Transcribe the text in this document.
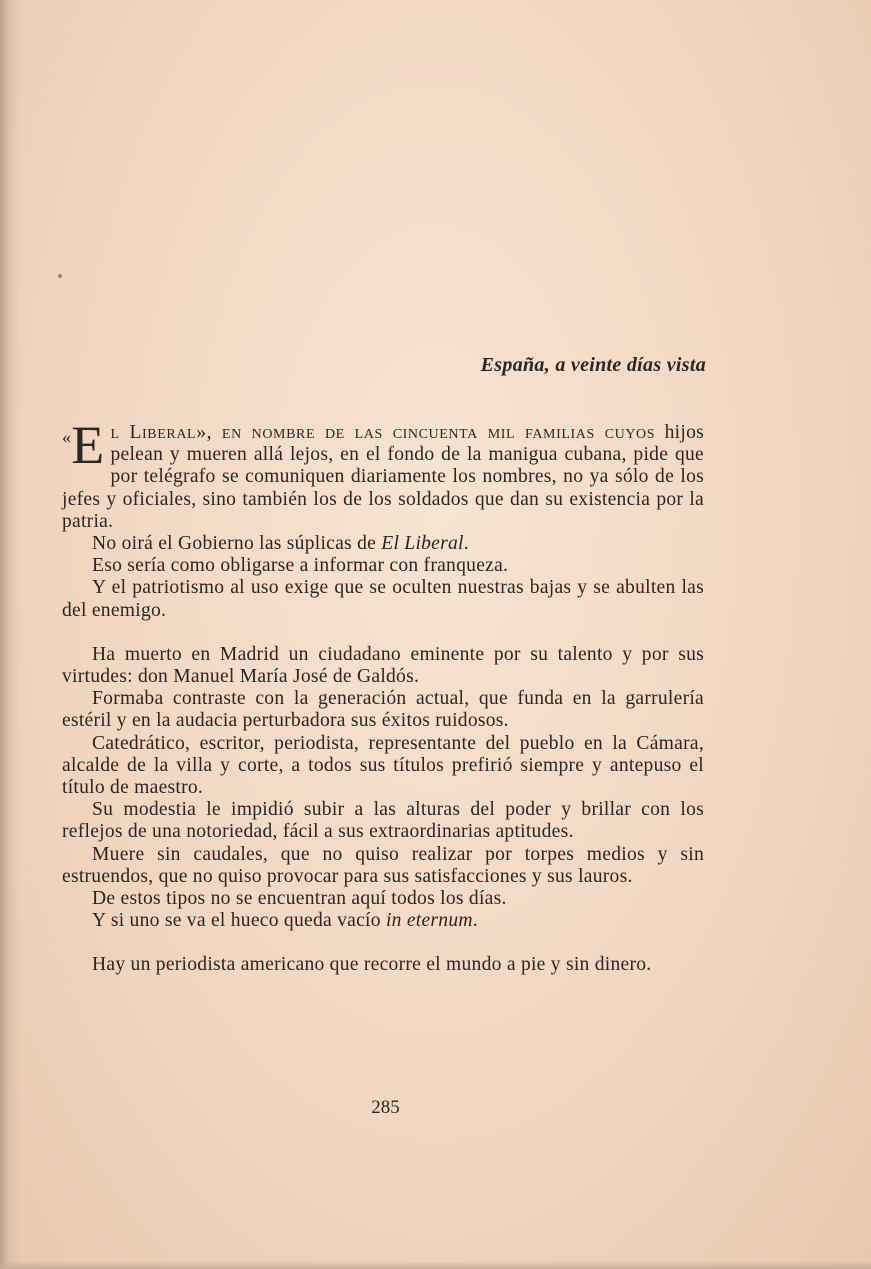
España, a veinte días vista

« E l Liberal», en nombre de las cincuenta mil familias cuyos hijos pelean y mueren allá lejos, en el fondo de la manigua cubana, pide que por telégrafo se comuniquen diariamente los nombres, no ya sólo de los jefes y oficiales, sino también los de los soldados que dan su existencia por la patria.

No oirá el Gobierno las súplicas de El Liberal.

Eso sería como obligarse a informar con franqueza.

Y el patriotismo al uso exige que se oculten nuestras bajas y se abulten las del enemigo.

Ha muerto en Madrid un ciudadano eminente por su talento y por sus virtudes: don Manuel María José de Galdós.

Formaba contraste con la generación actual, que funda en la garrulería estéril y en la audacia perturbadora sus éxitos ruidosos.

Catedrático, escritor, periodista, representante del pueblo en la Cámara, alcalde de la villa y corte, a todos sus títulos prefirió siempre y antepuso el título de maestro.

Su modestia le impidió subir a las alturas del poder y brillar con los reflejos de una notoriedad, fácil a sus extraordinarias aptitudes.

Muere sin caudales, que no quiso realizar por torpes medios y sin estruendos, que no quiso provocar para sus satisfacciones y sus lauros.

De estos tipos no se encuentran aquí todos los días.

Y si uno se va el hueco queda vacío in eternum.

Hay un periodista americano que recorre el mundo a pie y sin dinero.

285
